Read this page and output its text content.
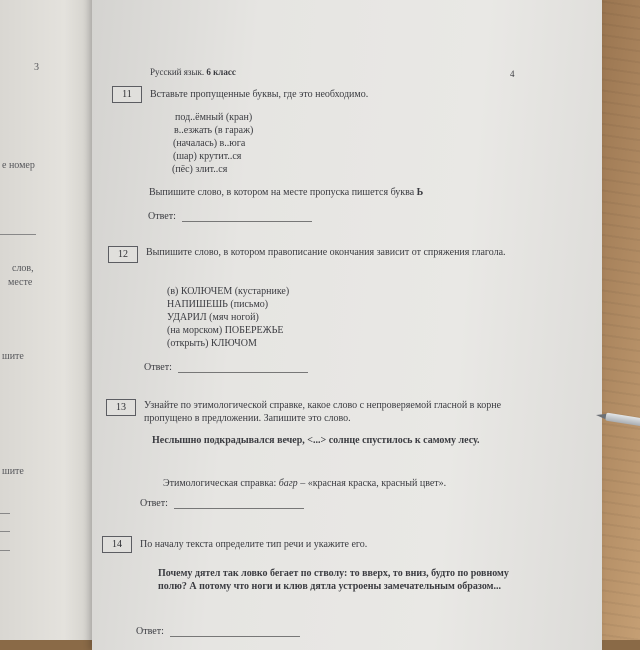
3
е номер
слов,
месте
шите
шите
Русский язык. 6 класс	4
11	Вставьте пропущенные буквы, где это необходимо.
под..ёмный (кран)
в..езжать (в гараж)
(началась) в..юга
(шар) крутит..ся
(пёс) злит..ся
Выпишите слово, в котором на месте пропуска пишется буква Ь
Ответ:
12	Выпишите слово, в котором правописание окончания зависит от спряжения глагола.
(в) КОЛЮЧЕМ (кустарнике)
НАПИШЕШЬ (письмо)
УДАРИЛ (мяч ногой)
(на морском) ПОБЕРЕЖЬЕ
(открыть) КЛЮЧОМ
Ответ:
13	Узнайте по этимологической справке, какое слово с непроверяемой гласной в корне пропущено в предложении. Запишите это слово.
Неслышно подкрадывался вечер, <...> солнце спустилось к самому лесу.
Этимологическая справка: багр – «красная краска, красный цвет».
Ответ:
14	По началу текста определите тип речи и укажите его.
Почему дятел так ловко бегает по стволу: то вверх, то вниз, будто по ровному полю? А потому что ноги и клюв дятла устроены замечательным образом...
Ответ:
